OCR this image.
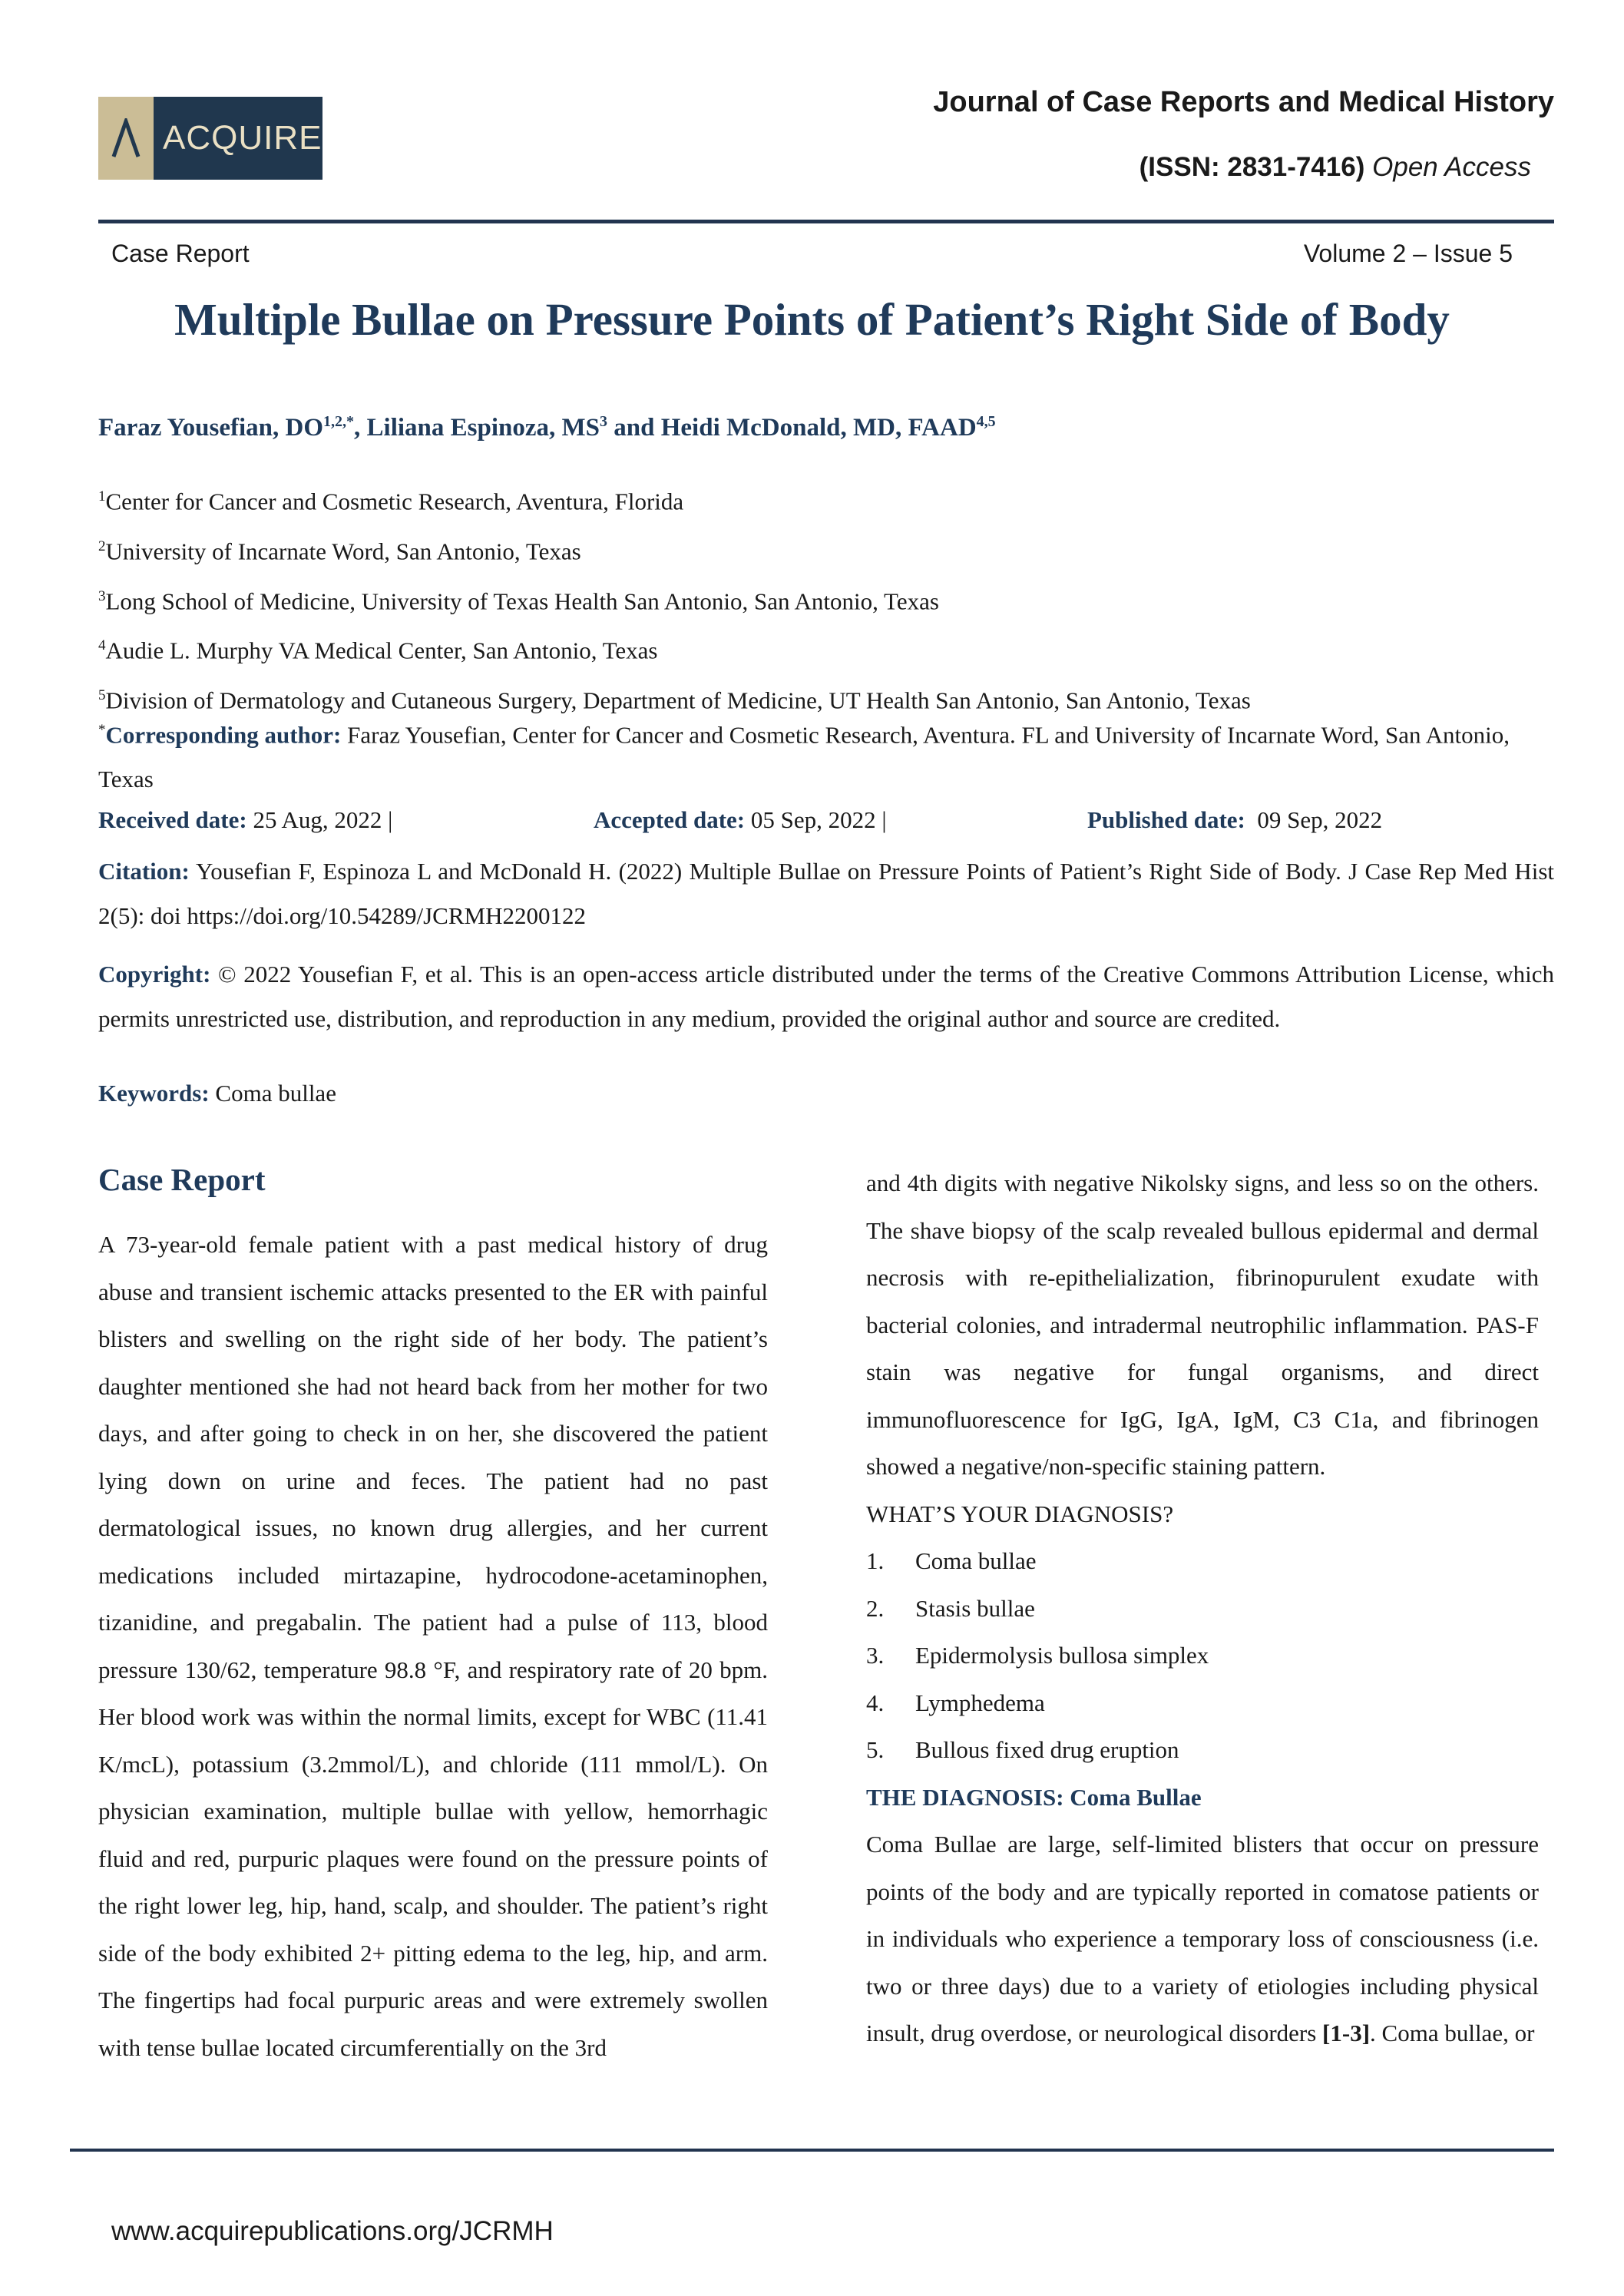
ACQUIRE
Journal of Case Reports and Medical History
(ISSN: 2831-7416) Open Access
Case Report	Volume 2 – Issue 5
Multiple Bullae on Pressure Points of Patient’s Right Side of Body
Faraz Yousefian, $DO^{1,2,*}$, Liliana Espinoza, $MS^3$ and Heidi McDonald, MD, FAAD$^{4,5}$
$^1$Center for Cancer and Cosmetic Research, Aventura, Florida
$^2$University of Incarnate Word, San Antonio, Texas
$^3$Long School of Medicine, University of Texas Health San Antonio, San Antonio, Texas
$^4$Audie L. Murphy VA Medical Center, San Antonio, Texas
$^5$Division of Dermatology and Cutaneous Surgery, Department of Medicine, UT Health San Antonio, San Antonio, Texas
*Corresponding author: Faraz Yousefian, Center for Cancer and Cosmetic Research, Aventura. FL and University of Incarnate Word, San Antonio, Texas
Received date: 25 Aug, 2022 |	Accepted date: 05 Sep, 2022 |	Published date:  09 Sep, 2022
Citation: Yousefian F, Espinoza L and McDonald H. (2022) Multiple Bullae on Pressure Points of Patient’s Right Side of Body. J Case Rep Med Hist 2(5): doi https://doi.org/10.54289/JCRMH2200122
Copyright: © 2022 Yousefian F, et al. This is an open-access article distributed under the terms of the Creative Commons Attribution License, which permits unrestricted use, distribution, and reproduction in any medium, provided the original author and source are credited.
Keywords: Coma bullae
Case Report

A 73-year-old female patient with a past medical history of drug abuse and transient ischemic attacks presented to the ER with painful blisters and swelling on the right side of her body. The patient’s daughter mentioned she had not heard back from her mother for two days, and after going to check in on her, she discovered the patient lying down on urine and feces. The patient had no past dermatological issues, no known drug allergies, and her current medications included mirtazapine, hydrocodone-acetaminophen, tizanidine, and pregabalin. The patient had a pulse of 113, blood pressure 130/62, temperature 98.8 °F, and respiratory rate of 20 bpm. Her blood work was within the normal limits, except for WBC (11.41 K/mcL), potassium (3.2mmol/L), and chloride (111 mmol/L). On physician examination, multiple bullae with yellow, hemorrhagic fluid and red, purpuric plaques were found on the pressure points of the right lower leg, hip, hand, scalp, and shoulder. The patient’s right side of the body exhibited 2+ pitting edema to the leg, hip, and arm. The fingertips had focal purpuric areas and were extremely swollen with tense bullae located circumferentially on the 3rd

and 4th digits with negative Nikolsky signs, and less so on the others. The shave biopsy of the scalp revealed bullous epidermal and dermal necrosis with re-epithelialization, fibrinopurulent exudate with bacterial colonies, and intradermal neutrophilic inflammation. PAS-F stain was negative for fungal organisms, and direct immunofluorescence for IgG, IgA, IgM, C3 C1a, and fibrinogen showed a negative/non-specific staining pattern.

WHAT’S YOUR DIAGNOSIS?

1.	Coma bullae
2.	Stasis bullae
3.	Epidermolysis bullosa simplex
4.	Lymphedema
5.	Bullous fixed drug eruption

THE DIAGNOSIS: Coma Bullae

Coma Bullae are large, self-limited blisters that occur on pressure points of the body and are typically reported in comatose patients or in individuals who experience a temporary loss of consciousness (i.e. two or three days) due to a variety of etiologies including physical insult, drug overdose, or neurological disorders [1-3]. Coma bullae, or

www.acquirepublications.org/JCRMH
